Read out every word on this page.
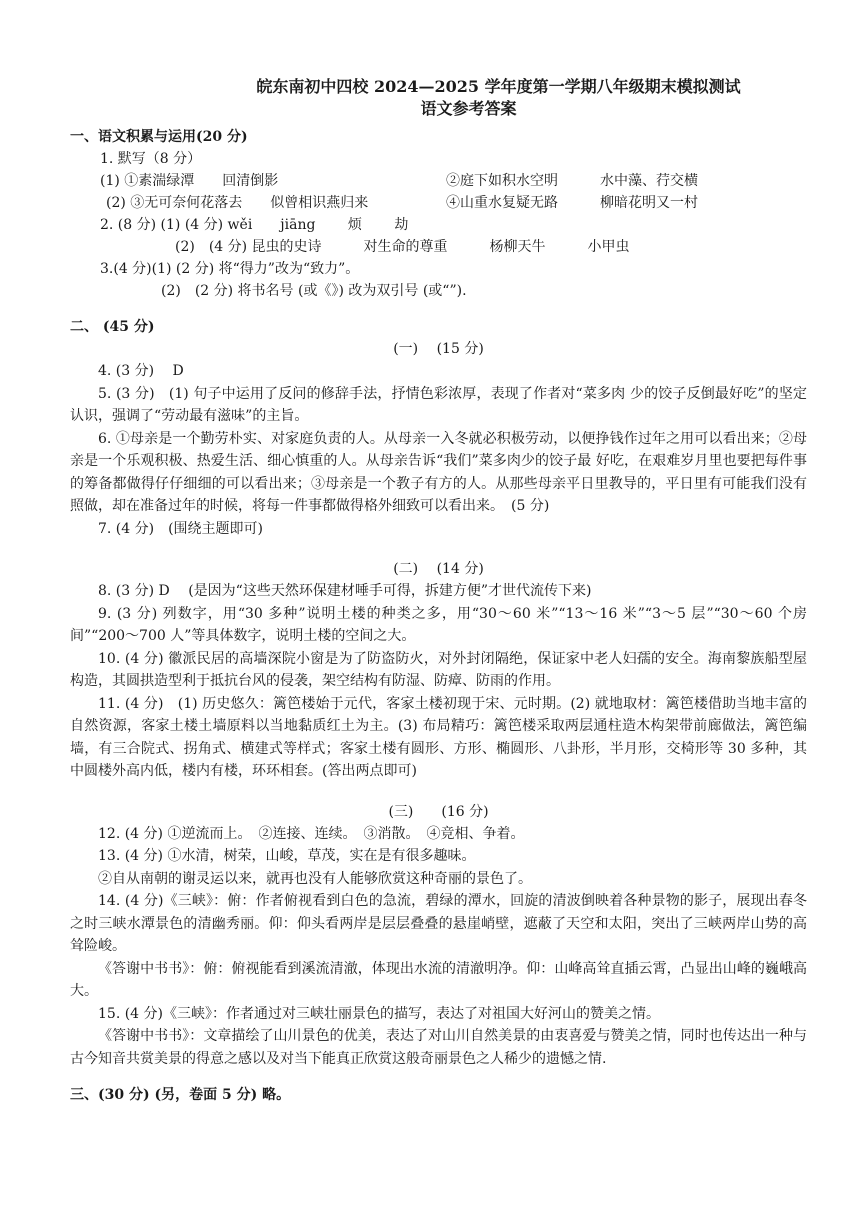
皖东南初中四校 2024—2025 学年度第一学期八年级期末模拟测试

语文参考答案

一、语文积累与运用(20 分)

1. 默写（8 分）

(1) ①素湍绿潭　　回清倒影	②庭下如积水空明　　　水中藻、荇交横

(2) ③无可奈何花落去　　似曾相识燕归来	④山重水复疑无路　　　柳暗花明又一村

2. (8 分) (1) (4 分) wěi　　jiāng　　 烦　　 劫

(2)　(4 分) 昆虫的史诗　　　对生命的尊重　　　杨柳天牛　　　小甲虫

3.(4 分)(1) (2 分) 将“得力”改为“致力”。

(2)　(2 分) 将书名号 (或《》) 改为双引号 (或“”).

二、 (45 分)

(一)　 (15 分)

4. (3 分)　 D

5. (3 分)　(1) 句子中运用了反问的修辞手法，抒情色彩浓厚，表现了作者对“菜多肉 少的饺子反倒最好吃”的坚定认识，强调了“劳动最有滋味”的主旨。

6. ①母亲是一个勤劳朴实、对家庭负责的人。从母亲一入冬就必积极劳动，以便挣钱作过年之用可以看出来；②母亲是一个乐观积极、热爱生活、细心慎重的人。从母亲告诉“我们”菜多肉少的饺子最 好吃，在艰难岁月里也要把每件事的筹备都做得仔仔细细的可以看出来；③母亲是一个教子有方的人。从那些母亲平日里教导的，平日里有可能我们没有照做，却在准备过年的时候，将每一件事都做得格外细致可以看出来。　(5 分)

7. (4 分)　(围绕主题即可)

(二)　 (14 分)

8. (3 分) D　 (是因为“这些天然环保建材唾手可得，拆建方便”才世代流传下来)

9. (3 分) 列数字，用“30 多种”说明土楼的种类之多，用“30～60 米”“13～16 米”“3～5 层”“30～60 个房间”“200～700 人”等具体数字，说明土楼的空间之大。

10. (4 分) 徽派民居的高墙深院小窗是为了防盗防火，对外封闭隔绝，保证家中老人妇孺的安全。海南黎族船型屋构造，其圆拱造型利于抵抗台风的侵袭，架空结构有防湿、防瘴、防雨的作用。

11. (4 分)　(1) 历史悠久：篱笆楼始于元代，客家土楼初现于宋、元时期。(2) 就地取材：篱笆楼借助当地丰富的自然资源，客家土楼土墙原料以当地黏质红土为主。(3) 布局精巧：篱笆楼采取两层通柱造木构架带前廊做法，篱笆编墙，有三合院式、拐角式、横建式等样式；客家土楼有圆形、方形、椭圆形、八卦形，半月形，交椅形等 30 多种，其中圆楼外高内低，楼内有楼，环环相套。(答出两点即可)

(三)　　(16 分)

12. (4 分) ①逆流而上。　②连接、连续。　③消散。　④竞相、争着。

13. (4 分) ①水清，树荣，山峻，草茂，实在是有很多趣味。

②自从南朝的谢灵运以来，就再也没有人能够欣赏这种奇丽的景色了。

14. (4 分)《三峡》：俯：作者俯视看到白色的急流，碧绿的潭水，回旋的清波倒映着各种景物的影子，展现出春冬之时三峡水潭景色的清幽秀丽。仰：仰头看两岸是层层叠叠的悬崖峭壁，遮蔽了天空和太阳，突出了三峡两岸山势的高耸险峻。

《答谢中书书》：俯：俯视能看到溪流清澈，体现出水流的清澈明净。仰：山峰高耸直插云霄，凸显出山峰的巍峨高大。

15. (4 分)《三峡》：作者通过对三峡壮丽景色的描写，表达了对祖国大好河山的赞美之情。

《答谢中书书》：文章描绘了山川景色的优美，表达了对山川自然美景的由衷喜爱与赞美之情，同时也传达出一种与古今知音共赏美景的得意之感以及对当下能真正欣赏这般奇丽景色之人稀少的遗憾之情.

三、(30 分) (另，卷面 5 分) 略。
